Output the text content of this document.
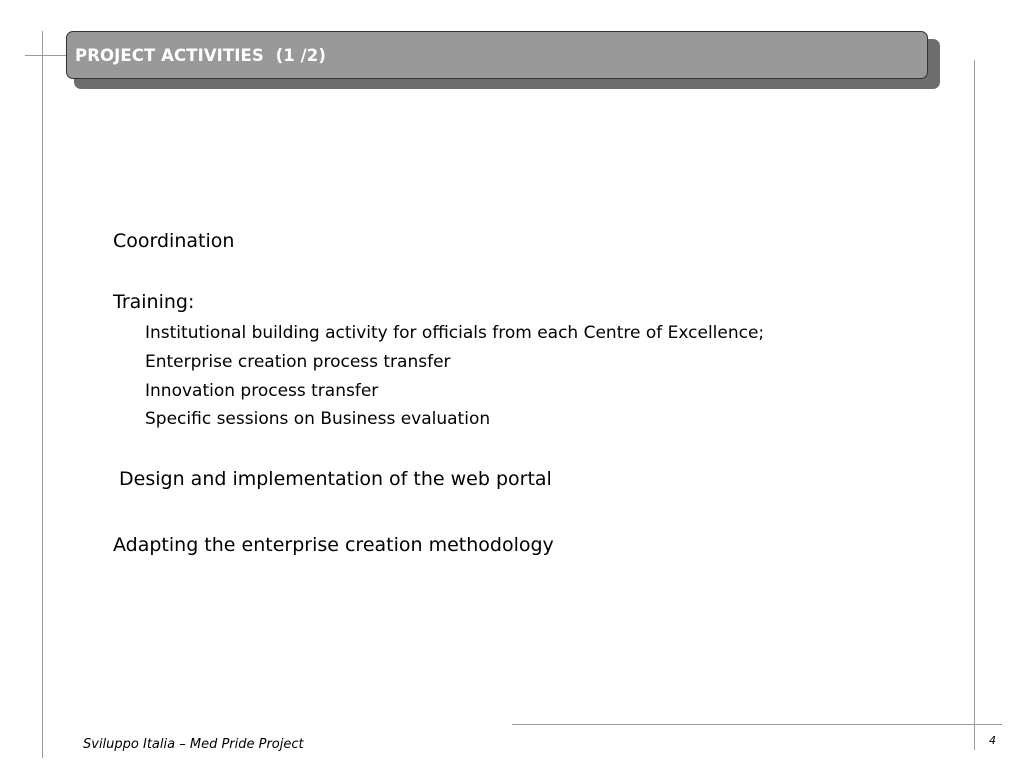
PROJECT ACTIVITIES  (1 /2)
Coordination
Training:
Institutional building activity for officials from each Centre of Excellence;
Enterprise creation process transfer
Innovation process transfer
Specific sessions on Business evaluation
Design and implementation of the web portal
Adapting the enterprise creation methodology
Sviluppo Italia – Med Pride Project	4
